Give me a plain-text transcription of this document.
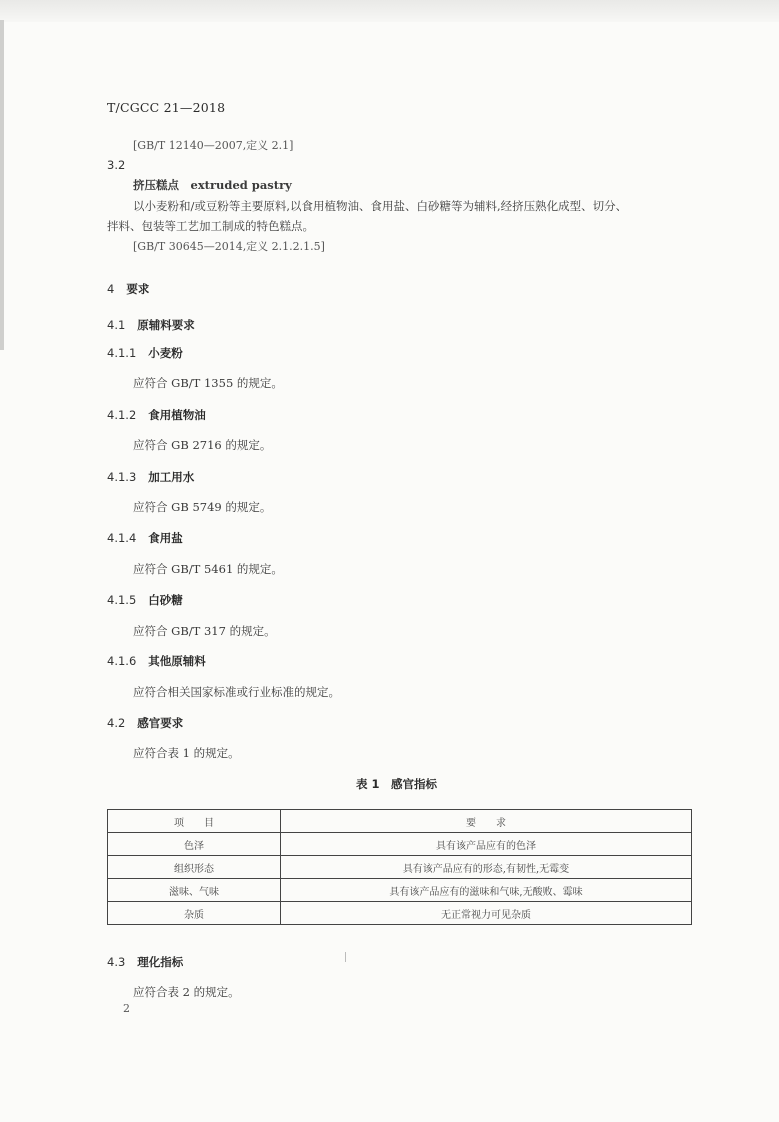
T/CGCC 21—2018
[GB/T 12140—2007,定义 2.1]
3.2
挤压糕点　extruded pastry
以小麦粉和/或豆粉等主要原料,以食用植物油、食用盐、白砂糖等为辅料,经挤压熟化成型、切分、
拌料、包装等工艺加工制成的特色糕点。
[GB/T 30645—2014,定义 2.1.2.1.5]
4 要求
4.1 原辅料要求
4.1.1 小麦粉
应符合 GB/T 1355 的规定。
4.1.2 食用植物油
应符合 GB 2716 的规定。
4.1.3 加工用水
应符合 GB 5749 的规定。
4.1.4 食用盐
应符合 GB/T 5461 的规定。
4.1.5 白砂糖
应符合 GB/T 317 的规定。
4.1.6 其他原辅料
应符合相关国家标准或行业标准的规定。
4.2 感官要求
应符合表 1 的规定。
表 1　感官指标
项　　目	要　　求
色泽	具有该产品应有的色泽
组织形态	具有该产品应有的形态,有韧性,无霉变
滋味、气味	具有该产品应有的滋味和气味,无酸败、霉味
杂质	无正常视力可见杂质
4.3 理化指标
应符合表 2 的规定。
2
